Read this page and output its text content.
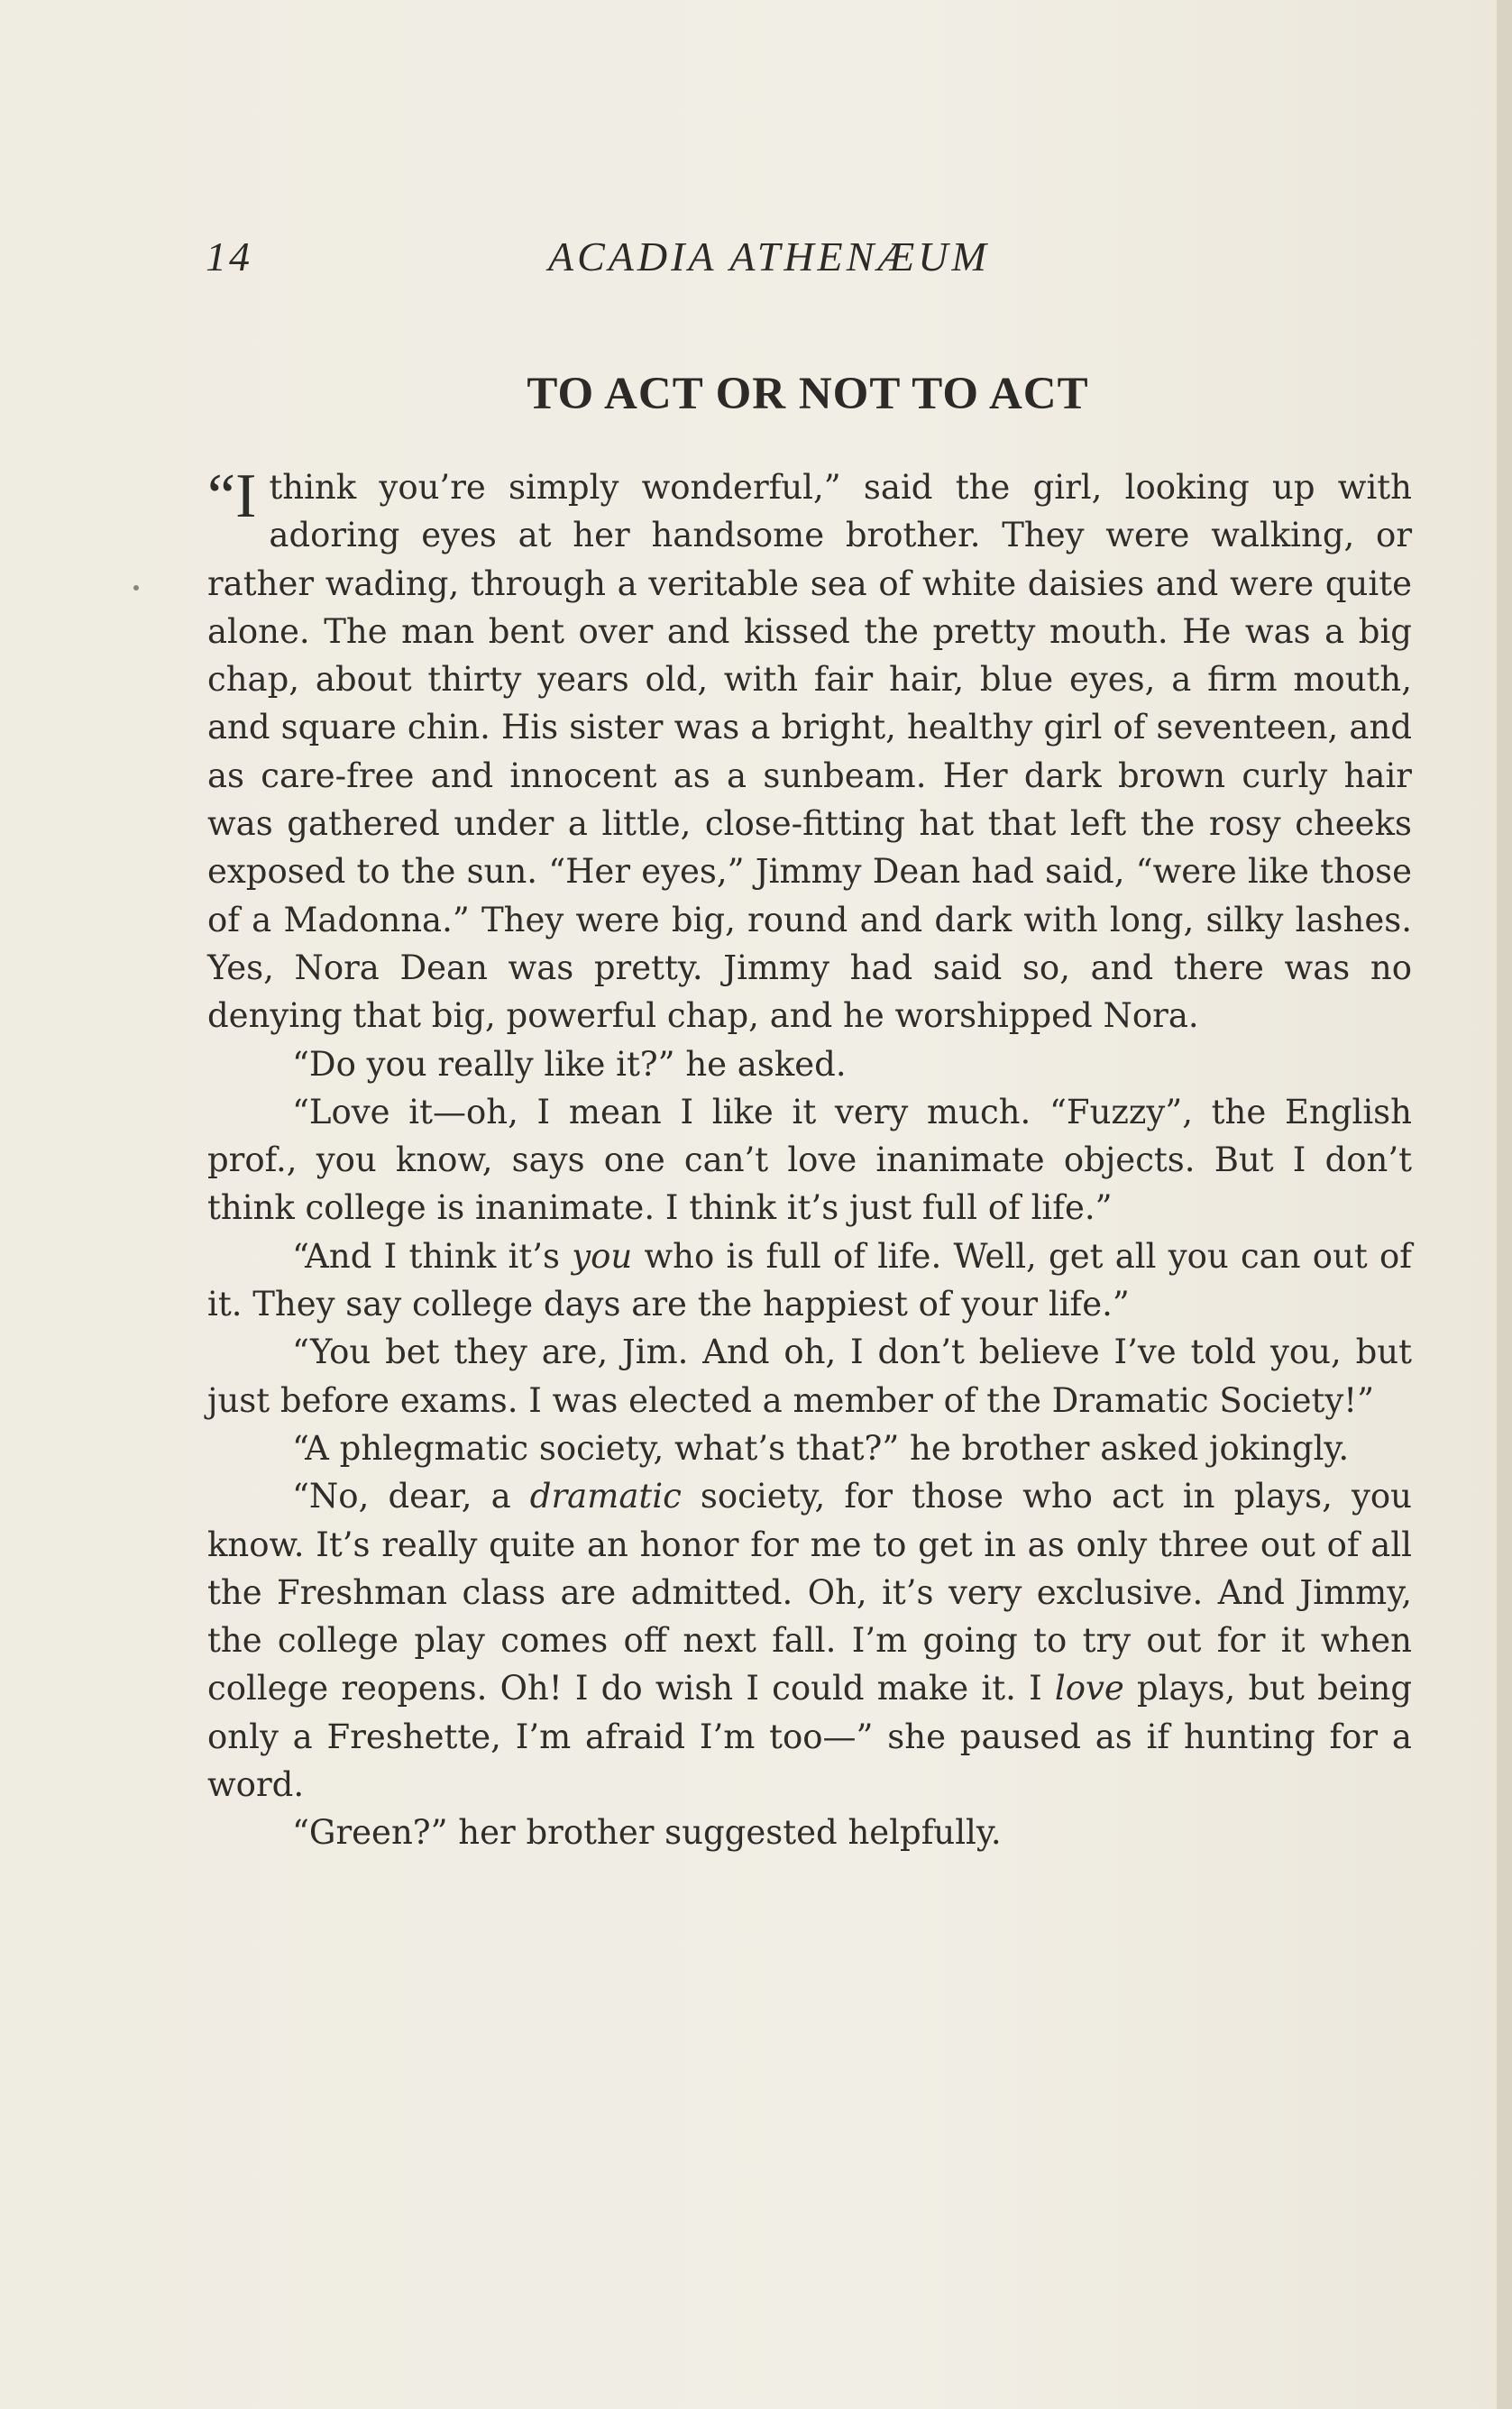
14	ACADIA ATHENÆUM
TO ACT OR NOT TO ACT

“I think you’re simply wonderful,” said the girl, looking up with adoring eyes at her handsome brother. They were walking, or rather wading, through a veritable sea of white daisies and were quite alone. The man bent over and kissed the pretty mouth. He was a big chap, about thirty years old, with fair hair, blue eyes, a firm mouth, and square chin. His sister was a bright, healthy girl of seventeen, and as care-free and innocent as a sunbeam. Her dark brown curly hair was gathered under a little, close-fitting hat that left the rosy cheeks exposed to the sun. “Her eyes,” Jimmy Dean had said, “were like those of a Madonna.” They were big, round and dark with long, silky lashes. Yes, Nora Dean was pretty. Jimmy had said so, and there was no denying that big, powerful chap, and he worshipped Nora.

“Do you really like it?” he asked.

“Love it—oh, I mean I like it very much. “Fuzzy”, the English prof., you know, says one can’t love inanimate objects. But I don’t think college is inanimate. I think it’s just full of life.”

“And I think it’s you who is full of life. Well, get all you can out of it. They say college days are the happiest of your life.”

“You bet they are, Jim. And oh, I don’t believe I’ve told you, but just before exams. I was elected a member of the Dramatic Society!”

“A phlegmatic society, what’s that?” he brother asked jokingly.

“No, dear, a dramatic society, for those who act in plays, you know. It’s really quite an honor for me to get in as only three out of all the Freshman class are admitted. Oh, it’s very exclusive. And Jimmy, the college play comes off next fall. I’m going to try out for it when college reopens. Oh! I do wish I could make it. I love plays, but being only a Freshette, I’m afraid I’m too—” she paused as if hunting for a word.

“Green?” her brother suggested helpfully.
